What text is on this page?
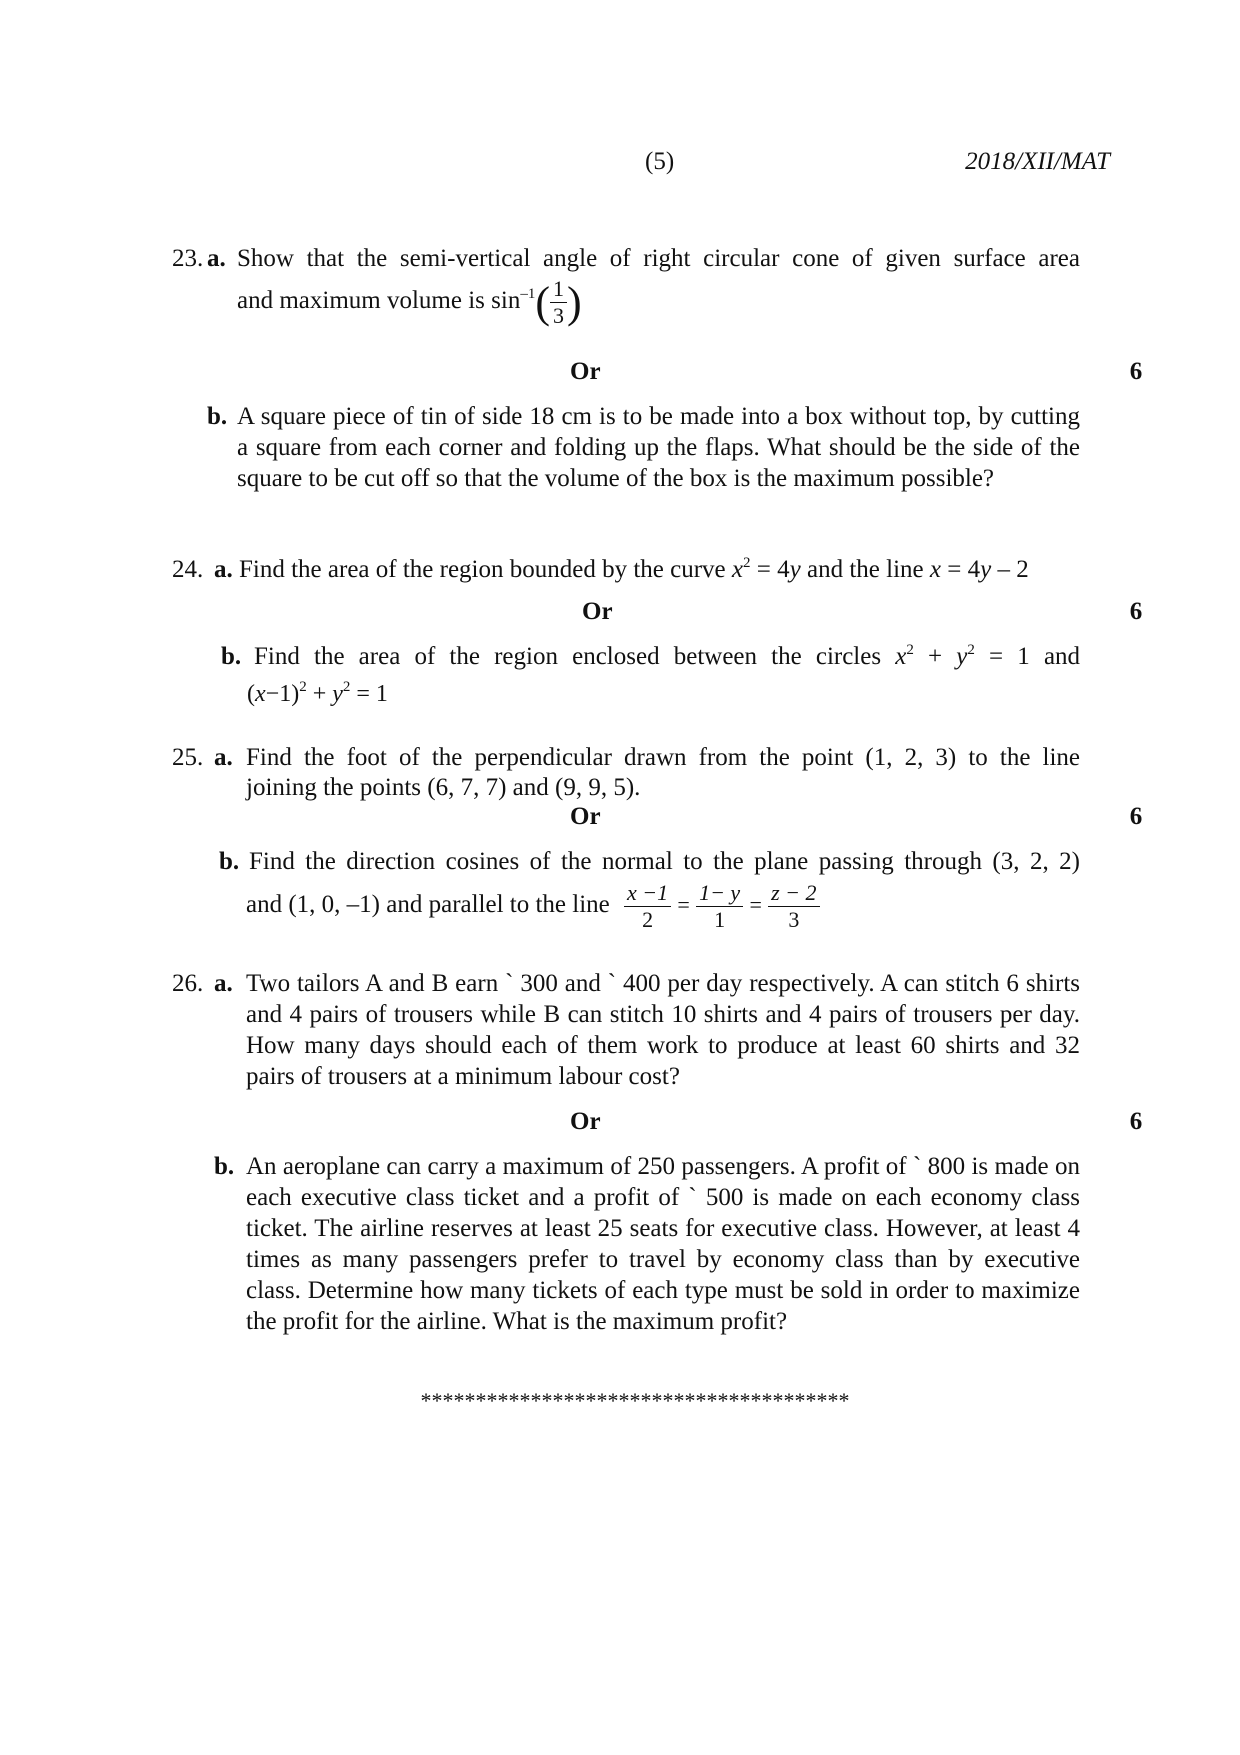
(5)	2018/XII/MAT
23. a. Show that the semi-vertical angle of right circular cone of given surface area
and maximum volume is $\sin^{-1}( \frac{1}{3}$ )
Or	6
b. A square piece of tin of side 18 cm is to be made into a box without top, by cutting a square from each corner and folding up the flaps. What should be the side of the square to be cut off so that the volume of the box is the maximum possible?
24. a. Find the area of the region bounded by the curve $x^2 = 4y$ and the line x = 4y – 2
Or	6
b. Find the area of the region enclosed between the circles $x^2 + y^2 = 1$ and
$(x-1)^2 + y^2 = 1$
25. a. Find the foot of the perpendicular drawn from the point (1, 2, 3) to the line
joining the points (6, 7, 7) and (9, 9, 5).
Or	6
b. Find the direction cosines of the normal to the plane passing through (3, 2, 2)
and (1, 0, –1) and parallel to the line $\frac{x -1}{2} = \frac{1- y}{1} = \frac{z - 2}{3}$
26. a. Two tailors A and B earn ` 300 and ` 400 per day respectively. A can stitch 6 shirts and 4 pairs of trousers while B can stitch 10 shirts and 4 pairs of trousers per day. How many days should each of them work to produce at least 60 shirts and 32 pairs of trousers at a minimum labour cost?
Or	6
b. An aeroplane can carry a maximum of 250 passengers. A profit of ` 800 is made on each executive class ticket and a profit of ` 500 is made on each economy class ticket. The airline reserves at least 25 seats for executive class. However, at least 4 times as many passengers prefer to travel by economy class than by executive class. Determine how many tickets of each type must be sold in order to maximize the profit for the airline. What is the maximum profit?
***************************************
